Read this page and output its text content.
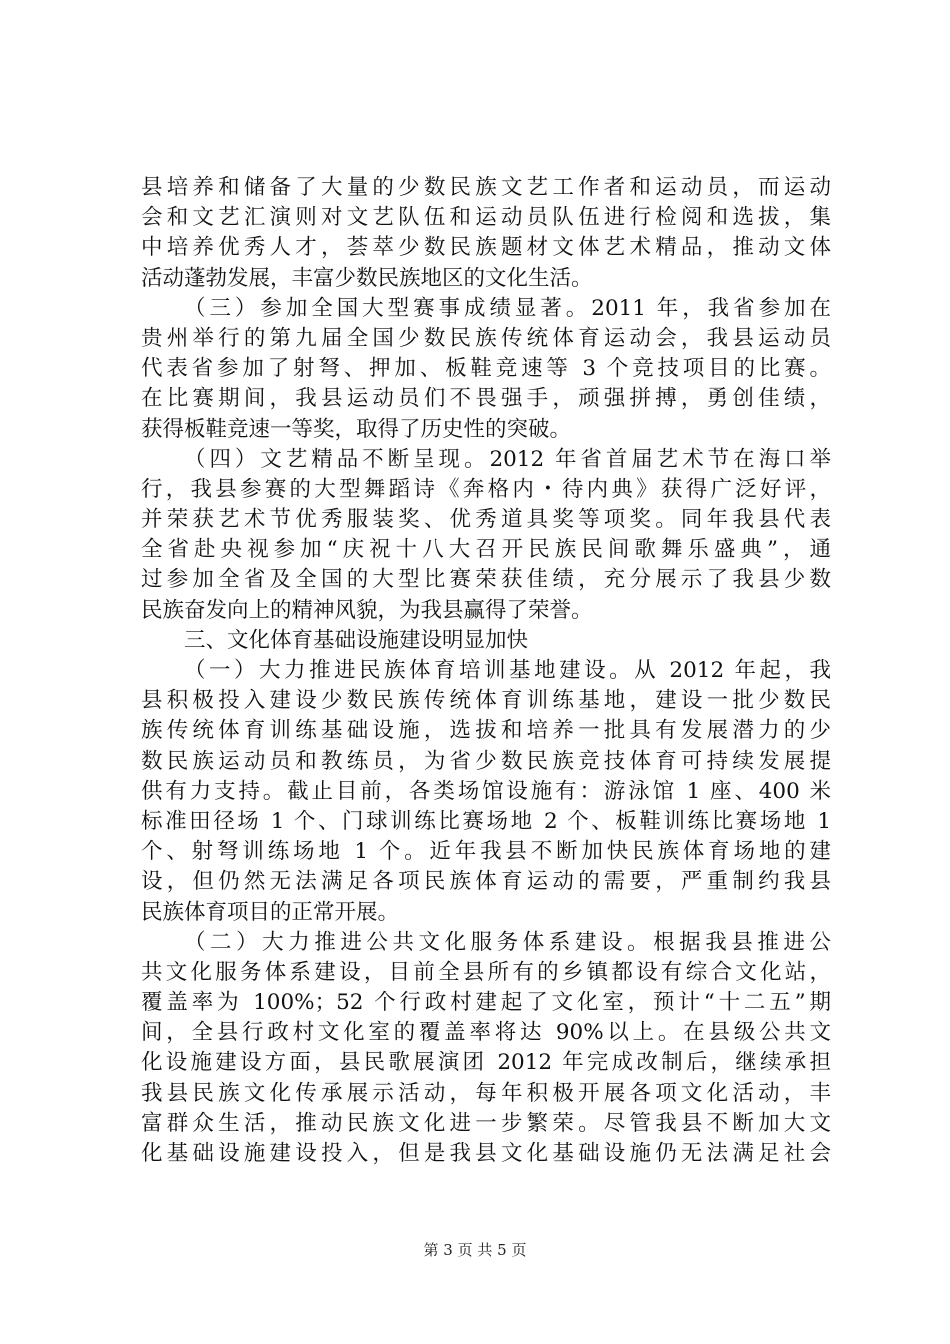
县培养和储备了大量的少数民族文艺工作者和运动员，而运动
会和文艺汇演则对文艺队伍和运动员队伍进行检阅和选拔，集
中培养优秀人才，荟萃少数民族题材文体艺术精品，推动文体
活动蓬勃发展，丰富少数民族地区的文化生活。
（三）参加全国大型赛事成绩显著。2011 年，我省参加在
贵州举行的第九届全国少数民族传统体育运动会，我县运动员
代表省参加了射弩、押加、板鞋竞速等 3 个竞技项目的比赛。
在比赛期间，我县运动员们不畏强手，顽强拼搏，勇创佳绩，
获得板鞋竞速一等奖，取得了历史性的突破。
（四）文艺精品不断呈现。2012 年省首届艺术节在海口举
行，我县参赛的大型舞蹈诗《奔格内・待内典》获得广泛好评，
并荣获艺术节优秀服装奖、优秀道具奖等项奖。同年我县代表
全省赴央视参加“庆祝十八大召开民族民间歌舞乐盛典”，通
过参加全省及全国的大型比赛荣获佳绩，充分展示了我县少数
民族奋发向上的精神风貌，为我县赢得了荣誉。
三、文化体育基础设施建设明显加快
（一）大力推进民族体育培训基地建设。从 2012 年起，我
县积极投入建设少数民族传统体育训练基地，建设一批少数民
族传统体育训练基础设施，选拔和培养一批具有发展潜力的少
数民族运动员和教练员，为省少数民族竞技体育可持续发展提
供有力支持。截止目前，各类场馆设施有：游泳馆 1 座、400 米
标准田径场 1 个、门球训练比赛场地 2 个、板鞋训练比赛场地 1
个、射弩训练场地 1 个。近年我县不断加快民族体育场地的建
设，但仍然无法满足各项民族体育运动的需要，严重制约我县
民族体育项目的正常开展。
（二）大力推进公共文化服务体系建设。根据我县推进公
共文化服务体系建设，目前全县所有的乡镇都设有综合文化站，
覆盖率为 100%；52 个行政村建起了文化室，预计“十二五”期
间，全县行政村文化室的覆盖率将达 90%以上。在县级公共文
化设施建设方面，县民歌展演团 2012 年完成改制后，继续承担
我县民族文化传承展示活动，每年积极开展各项文化活动，丰
富群众生活，推动民族文化进一步繁荣。尽管我县不断加大文
化基础设施建设投入，但是我县文化基础设施仍无法满足社会
第 3 页 共 5 页
